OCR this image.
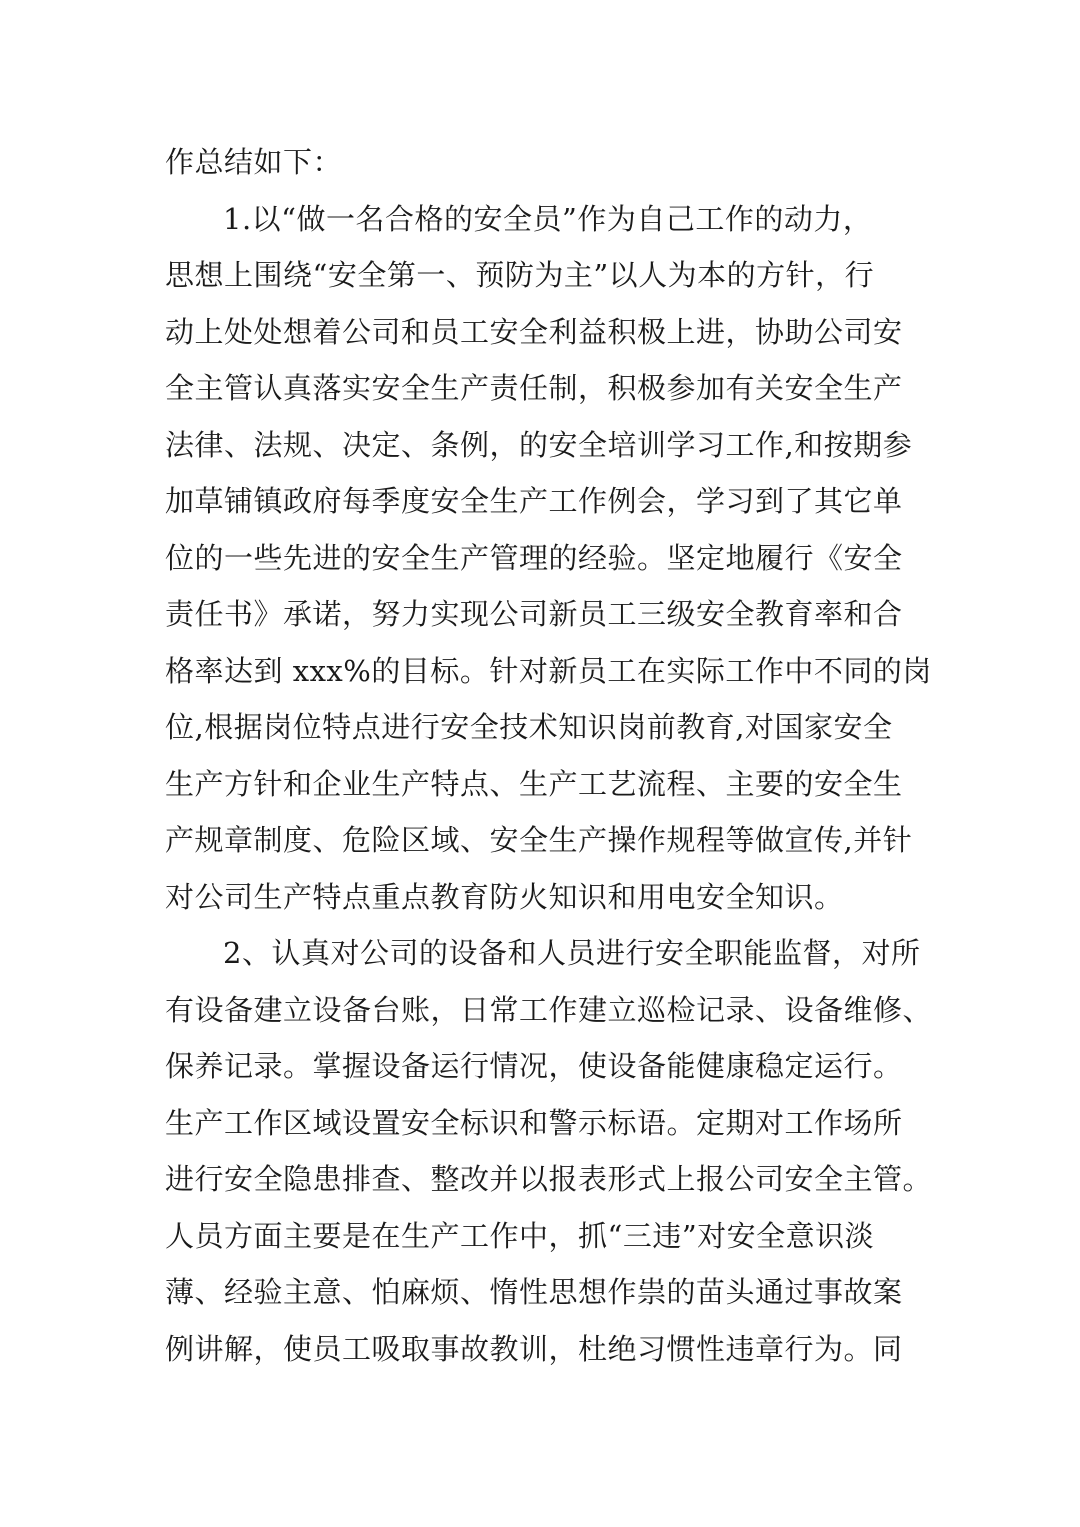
作总结如下：
1.以“做一名合格的安全员”作为自己工作的动力，
思想上围绕“安全第一、预防为主”以人为本的方针，行
动上处处想着公司和员工安全利益积极上进，协助公司安
全主管认真落实安全生产责任制，积极参加有关安全生产
法律、法规、决定、条例，的安全培训学习工作,和按期参
加草铺镇政府每季度安全生产工作例会，学习到了其它单
位的一些先进的安全生产管理的经验。坚定地履行《安全
责任书》承诺，努力实现公司新员工三级安全教育率和合
格率达到 xxx%的目标。针对新员工在实际工作中不同的岗
位,根据岗位特点进行安全技术知识岗前教育,对国家安全
生产方针和企业生产特点、生产工艺流程、主要的安全生
产规章制度、危险区域、安全生产操作规程等做宣传,并针
对公司生产特点重点教育防火知识和用电安全知识。
2、认真对公司的设备和人员进行安全职能监督，对所
有设备建立设备台账，日常工作建立巡检记录、设备维修、
保养记录。掌握设备运行情况，使设备能健康稳定运行。
生产工作区域设置安全标识和警示标语。定期对工作场所
进行安全隐患排查、整改并以报表形式上报公司安全主管。
人员方面主要是在生产工作中，抓“三违”对安全意识淡
薄、经验主意、怕麻烦、惰性思想作祟的苗头通过事故案
例讲解，使员工吸取事故教训，杜绝习惯性违章行为。同
